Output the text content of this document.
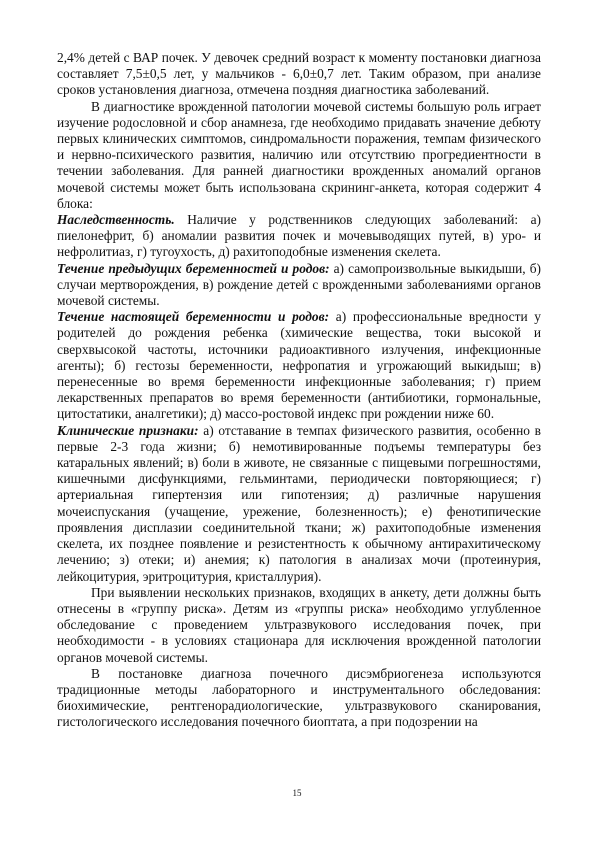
2,4% детей с ВАР почек. У девочек средний возраст к моменту постановки диагноза составляет 7,5±0,5 лет, у мальчиков - 6,0±0,7 лет. Таким образом, при анализе сроков установления диагноза, отмечена поздняя диагностика заболеваний.

В диагностике врожденной патологии мочевой системы большую роль играет изучение родословной и сбор анамнеза, где необходимо придавать значение дебюту первых клинических симптомов, синдромальности поражения, темпам физического и нервно-психического развития, наличию или отсутствию прогредиентности в течении заболевания. Для ранней диагностики врожденных аномалий органов мочевой системы может быть использована скрининг-анкета, которая содержит 4 блока:

Наследственность. Наличие у родственников следующих заболеваний: а) пиелонефрит, б) аномалии развития почек и мочевыводящих путей, в) уро- и нефролитиаз, г) тугоухость, д) рахитоподобные изменения скелета.

Течение предыдущих беременностей и родов: а) самопроизвольные выкидыши, б) случаи мертворождения, в) рождение детей с врожденными заболеваниями органов мочевой системы.

Течение настоящей беременности и родов: а) профессиональные вредности у родителей до рождения ребенка (химические вещества, токи высокой и сверхвысокой частоты, источники радиоактивного излучения, инфекционные агенты); б) гестозы беременности, нефропатия и угрожающий выкидыш; в) перенесенные во время беременности инфекционные заболевания; г) прием лекарственных препаратов во время беременности (антибиотики, гормональные, цитостатики, аналгетики); д) массо-ростовой индекс при рождении ниже 60.

Клинические признаки: а) отставание в темпах физического развития, особенно в первые 2-3 года жизни; б) немотивированные подъемы температуры без катаральных явлений; в) боли в животе, не связанные с пищевыми погрешностями, кишечными дисфункциями, гельминтами, периодически повторяющиеся; г) артериальная гипертензия или гипотензия; д) различные нарушения мочеиспускания (учащение, урежение, болезненность); е) фенотипические проявления дисплазии соединительной ткани; ж) рахитоподобные изменения скелета, их позднее появление и резистентность к обычному антирахитическому лечению; з) отеки; и) анемия; к) патология в анализах мочи (протеинурия, лейкоцитурия, эритроцитурия, кристаллурия).

При выявлении нескольких признаков, входящих в анкету, дети должны быть отнесены в «группу риска». Детям из «группы риска» необходимо углубленное обследование с проведением ультразвукового исследования почек, при необходимости - в условиях стационара для исключения врожденной патологии органов мочевой системы.

В постановке диагноза почечного дисэмбриогенеза используются традиционные методы лабораторного и инструментального обследования: биохимические, рентгенорадиологические, ультразвукового сканирования, гистологического исследования почечного биоптата, а при подозрении на

15
